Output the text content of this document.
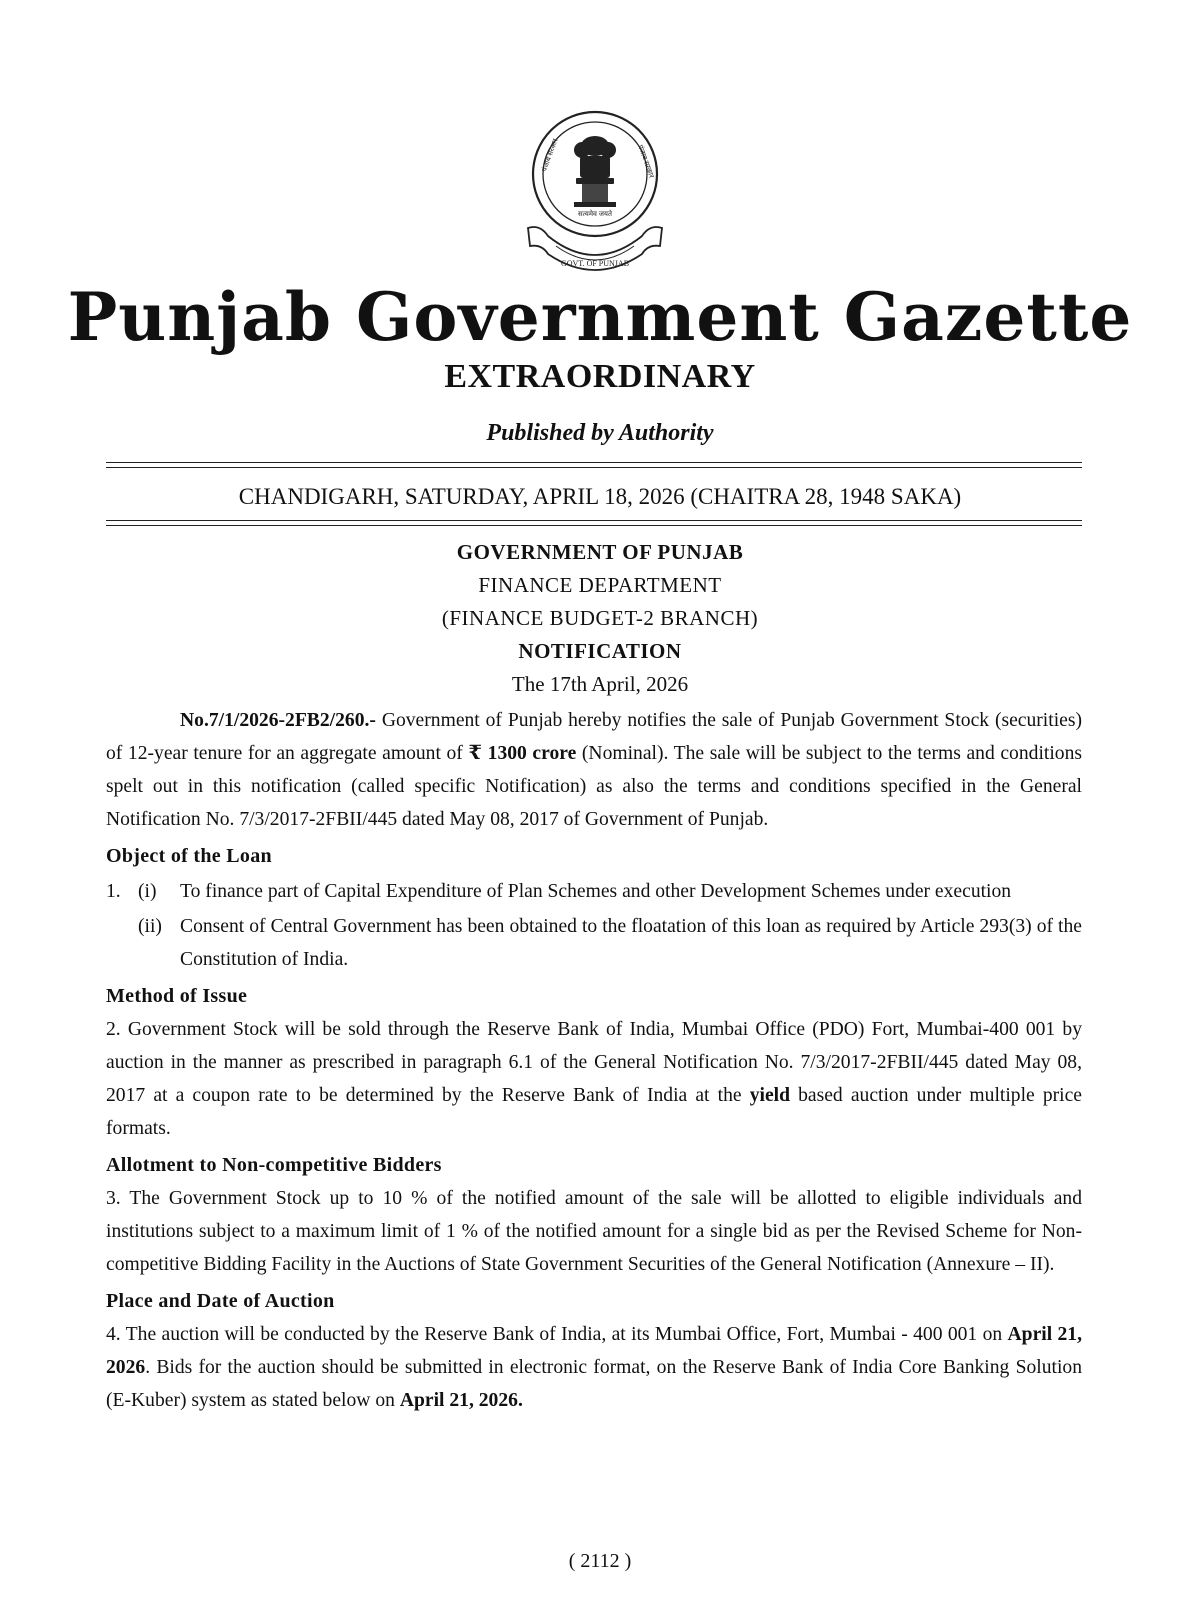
सत्यमेव जयते
पंजाब सरकार	पंजाब सरकार
GOVT. OF PUNJAB
Punjab Government Gazette
EXTRAORDINARY
Published by Authority
CHANDIGARH, SATURDAY, APRIL 18, 2026 (CHAITRA 28, 1948 SAKA)
GOVERNMENT OF PUNJAB
FINANCE DEPARTMENT
(FINANCE BUDGET-2 BRANCH)
NOTIFICATION
The 17th April, 2026

No.7/1/2026-2FB2/260.- Government of Punjab hereby notifies the sale of Punjab Government Stock (securities) of 12-year tenure for an aggregate amount of ₹ 1300 crore (Nominal). The sale will be subject to the terms and conditions spelt out in this notification (called specific Notification) as also the terms and conditions specified in the General Notification No. 7/3/2017-2FBII/445 dated May 08, 2017 of Government of Punjab.

Object of the Loan
1. (i) To finance part of Capital Expenditure of Plan Schemes and other Development Schemes under execution
(ii) Consent of Central Government has been obtained to the floatation of this loan as required by Article 293(3) of the Constitution of India.
Method of Issue

2. Government Stock will be sold through the Reserve Bank of India, Mumbai Office (PDO) Fort, Mumbai-400 001 by auction in the manner as prescribed in paragraph 6.1 of the General Notification No. 7/3/2017-2FBII/445 dated May 08, 2017 at a coupon rate to be determined by the Reserve Bank of India at the yield based auction under multiple price formats.

Allotment to Non-competitive Bidders

3. The Government Stock up to 10 % of the notified amount of the sale will be allotted to eligible individuals and institutions subject to a maximum limit of 1 % of the notified amount for a single bid as per the Revised Scheme for Non-competitive Bidding Facility in the Auctions of State Government Securities of the General Notification (Annexure – II).

Place and Date of Auction

4. The auction will be conducted by the Reserve Bank of India, at its Mumbai Office, Fort, Mumbai - 400 001 on April 21, 2026. Bids for the auction should be submitted in electronic format, on the Reserve Bank of India Core Banking Solution (E-Kuber) system as stated below on April 21, 2026.

( 2112 )
